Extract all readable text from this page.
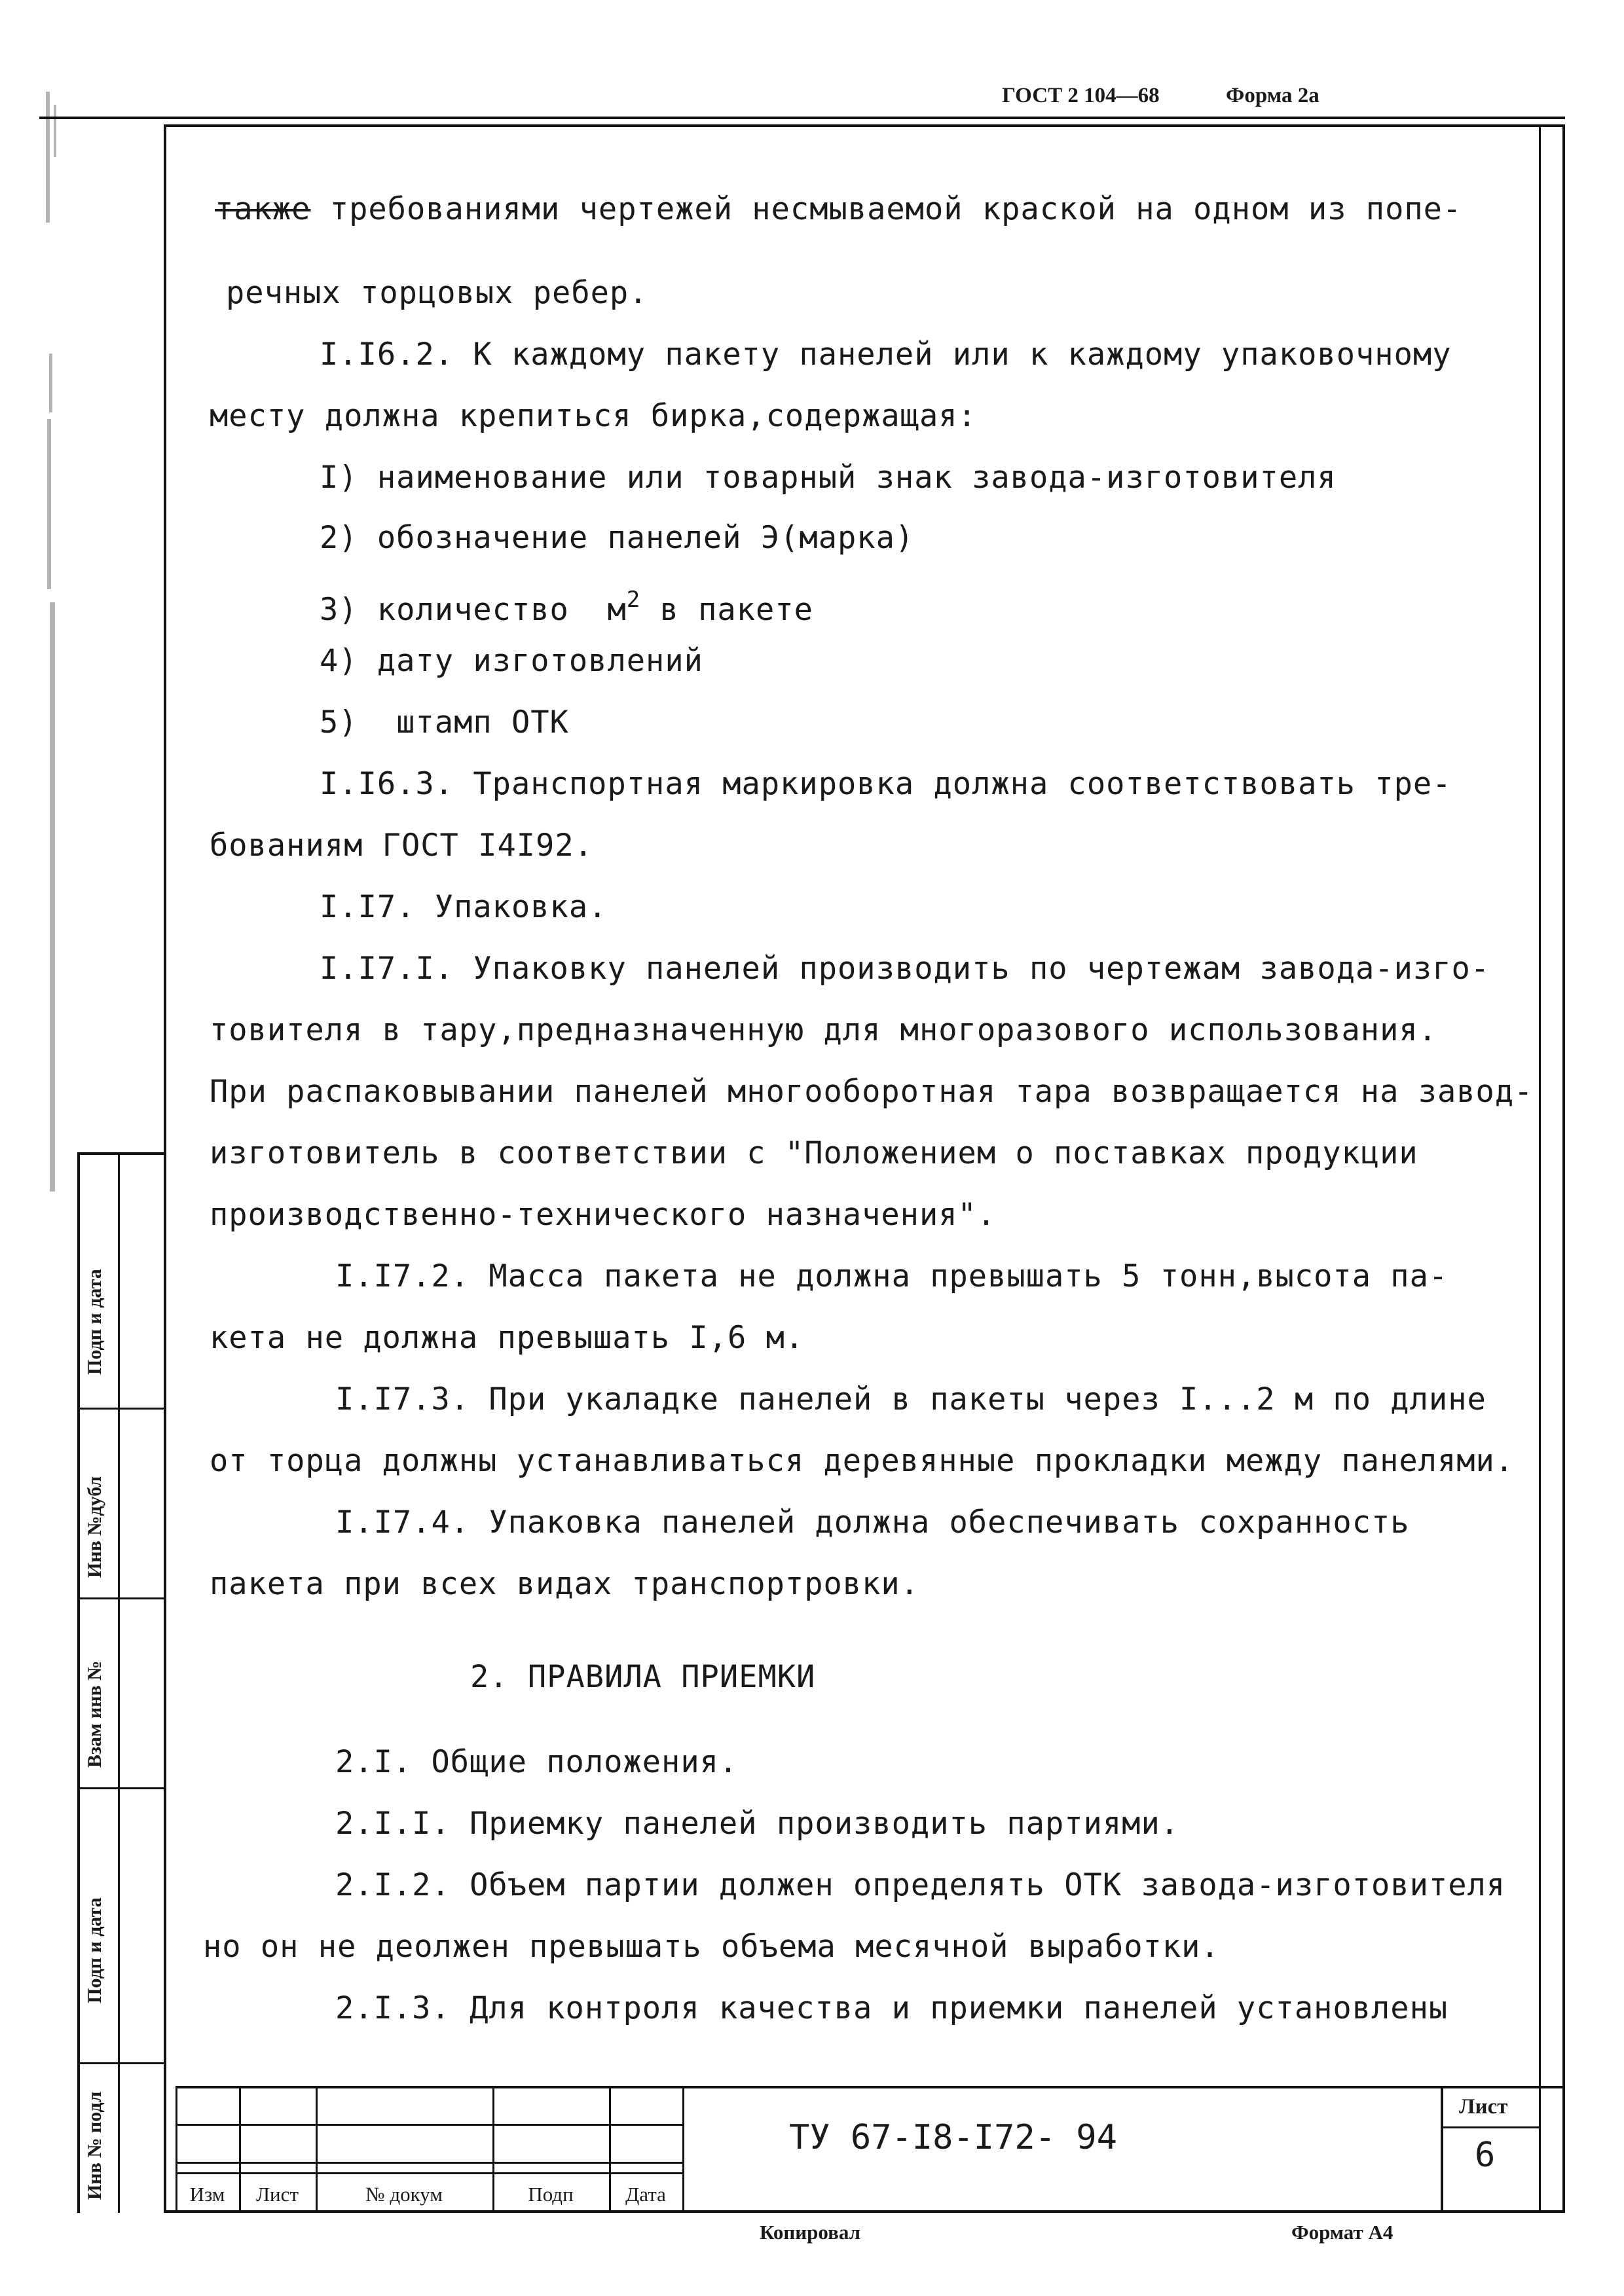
ГОСТ 2 104—68	Форма 2а
Подп и дата
Инв №дубл
Взам инв №
Подп и дата
Инв № подл
также требованиями чертежей несмываемой краской на одном из попе-
речных торцовых ребер.
I.I6.2. К каждому пакету панелей или к каждому упаковочному
месту должна крепиться бирка,содержащая:
I) наименование или товарный знак завода-изготовителя
2) обозначение панелей Э(марка)
3) количество  $м^2$ в пакете
4) дату изготовлений
5)  штамп ОТК
I.I6.3. Транспортная маркировка должна соответствовать тре-
бованиям ГОСТ I4I92.
I.I7. Упаковка.
I.I7.I. Упаковку панелей производить по чертежам завода-изго-
товителя в тару,предназначенную для многоразового использования.
При распаковывании панелей многооборотная тара возвращается на завод-
изготовитель в соответствии с "Положением о поставках продукции
производственно-технического назначения".
I.I7.2. Масса пакета не должна превышать 5 тонн,высота па-
кета не должна превышать I,6 м.
I.I7.3. При укаладке панелей в пакеты через I...2 м по длине
от торца должны устанавливаться деревянные прокладки между панелями.
I.I7.4. Упаковка панелей должна обеспечивать сохранность
пакета при всех видах транспортровки.
2. ПРАВИЛА ПРИЕМКИ
2.I. Общие положения.
2.I.I. Приемку панелей производить партиями.
2.I.2. Объем партии должен определять ОТК завода-изготовителя
но он не деолжен превышать объема месячной выработки.
2.I.3. Для контроля качества и приемки панелей установлены
Изм	Лист	№ докум	Подп	Дата
ТУ 67-I8-I72- 94
Лист
6
Копировал	Формат А4
